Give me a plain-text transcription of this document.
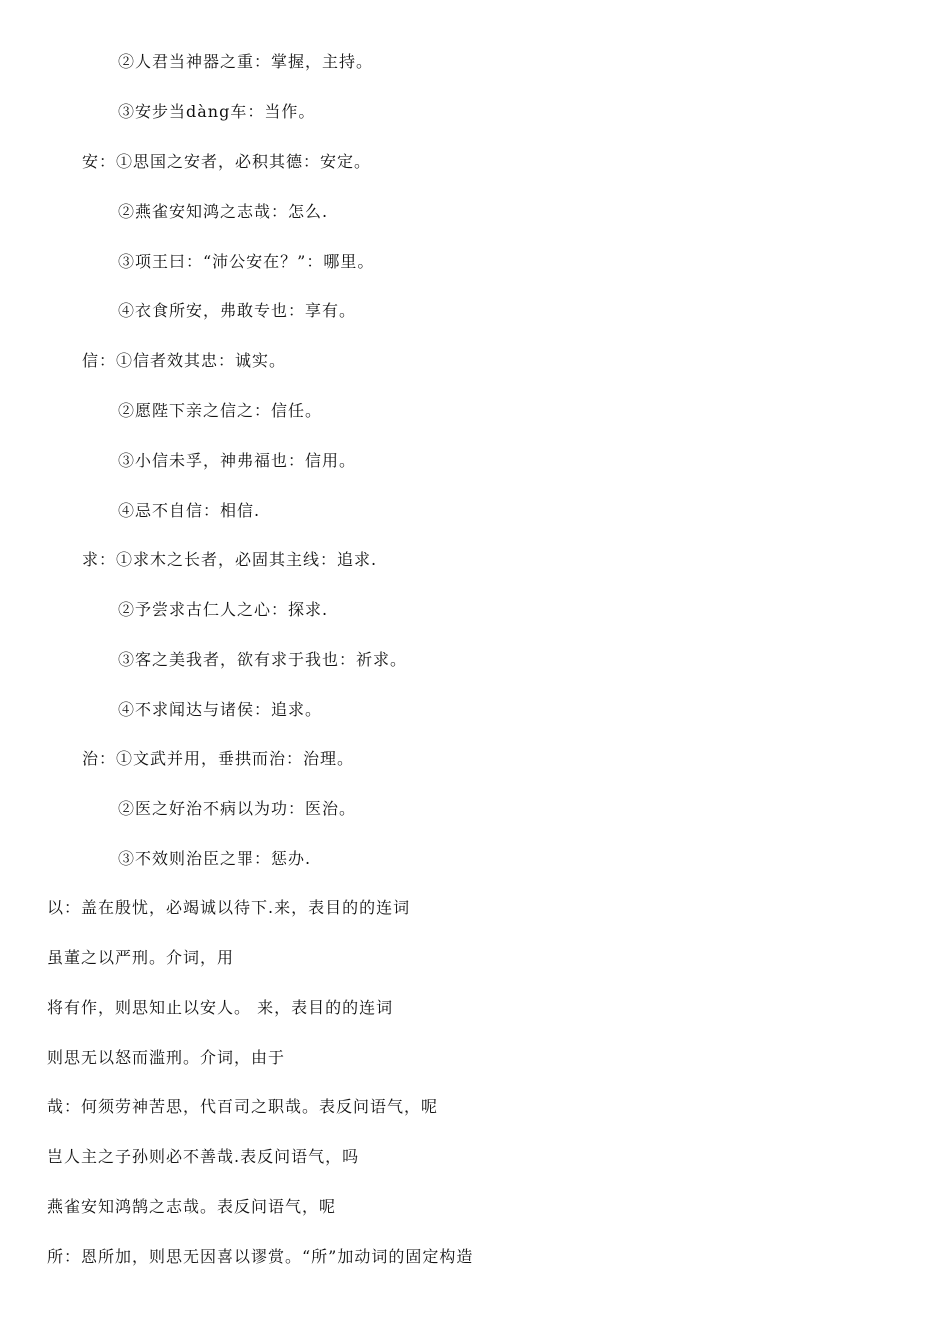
②人君当神器之重：掌握，主持。
③安步当dàng车：当作。
安：①思国之安者，必积其德：安定。
②燕雀安知鸿之志哉：怎么.
③项王曰：“沛公安在？”：哪里。
④衣食所安，弗敢专也：享有。
信：①信者效其忠：诚实。
②愿陛下亲之信之：信任。
③小信未孚，神弗福也：信用。
④忌不自信：相信.
求：①求木之长者，必固其主线：追求.
②予尝求古仁人之心：探求.
③客之美我者，欲有求于我也：祈求。
④不求闻达与诸侯：追求。
治：①文武并用，垂拱而治：治理。
②医之好治不病以为功：医治。
③不效则治臣之罪：惩办.
以：盖在殷忧，必竭诚以待下.来，表目的的连词
虽董之以严刑。介词，用
将有作，则思知止以安人。 来，表目的的连词
则思无以怒而滥刑。介词，由于
哉：何须劳神苦思，代百司之职哉。表反问语气，呢
岂人主之子孙则必不善哉.表反问语气，吗
燕雀安知鸿鹄之志哉。表反问语气，呢
所：恩所加，则思无因喜以谬赏。“所”加动词的固定构造
